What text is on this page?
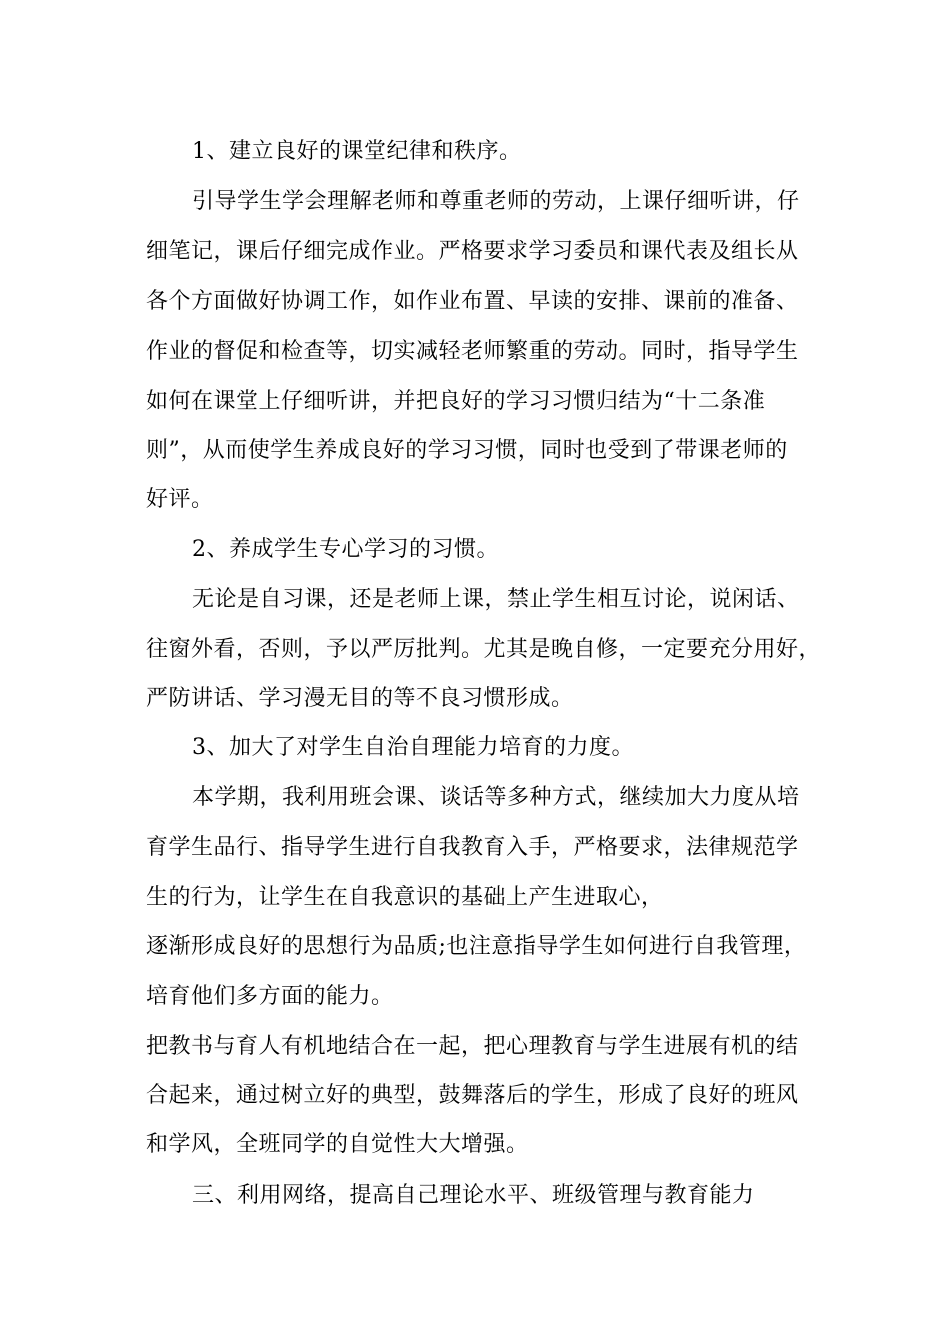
1、建立良好的课堂纪律和秩序。
引导学生学会理解老师和尊重老师的劳动，上课仔细听讲，仔
细笔记，课后仔细完成作业。严格要求学习委员和课代表及组长从
各个方面做好协调工作，如作业布置、早读的安排、课前的准备、
作业的督促和检查等，切实减轻老师繁重的劳动。同时，指导学生
如何在课堂上仔细听讲，并把良好的学习习惯归结为“十二条准
则”，从而使学生养成良好的学习习惯，同时也受到了带课老师的
好评。
2、养成学生专心学习的习惯。
无论是自习课，还是老师上课，禁止学生相互讨论，说闲话、
往窗外看，否则，予以严厉批判。尤其是晚自修，一定要充分用好，
严防讲话、学习漫无目的等不良习惯形成。
3、加大了对学生自治自理能力培育的力度。
本学期，我利用班会课、谈话等多种方式，继续加大力度从培
育学生品行、指导学生进行自我教育入手，严格要求，法律规范学
生的行为，让学生在自我意识的基础上产生进取心，
逐渐形成良好的思想行为品质;也注意指导学生如何进行自我管理，
培育他们多方面的能力。
把教书与育人有机地结合在一起，把心理教育与学生进展有机的结
合起来，通过树立好的典型，鼓舞落后的学生，形成了良好的班风
和学风，全班同学的自觉性大大增强。
三、利用网络，提高自己理论水平、班级管理与教育能力
